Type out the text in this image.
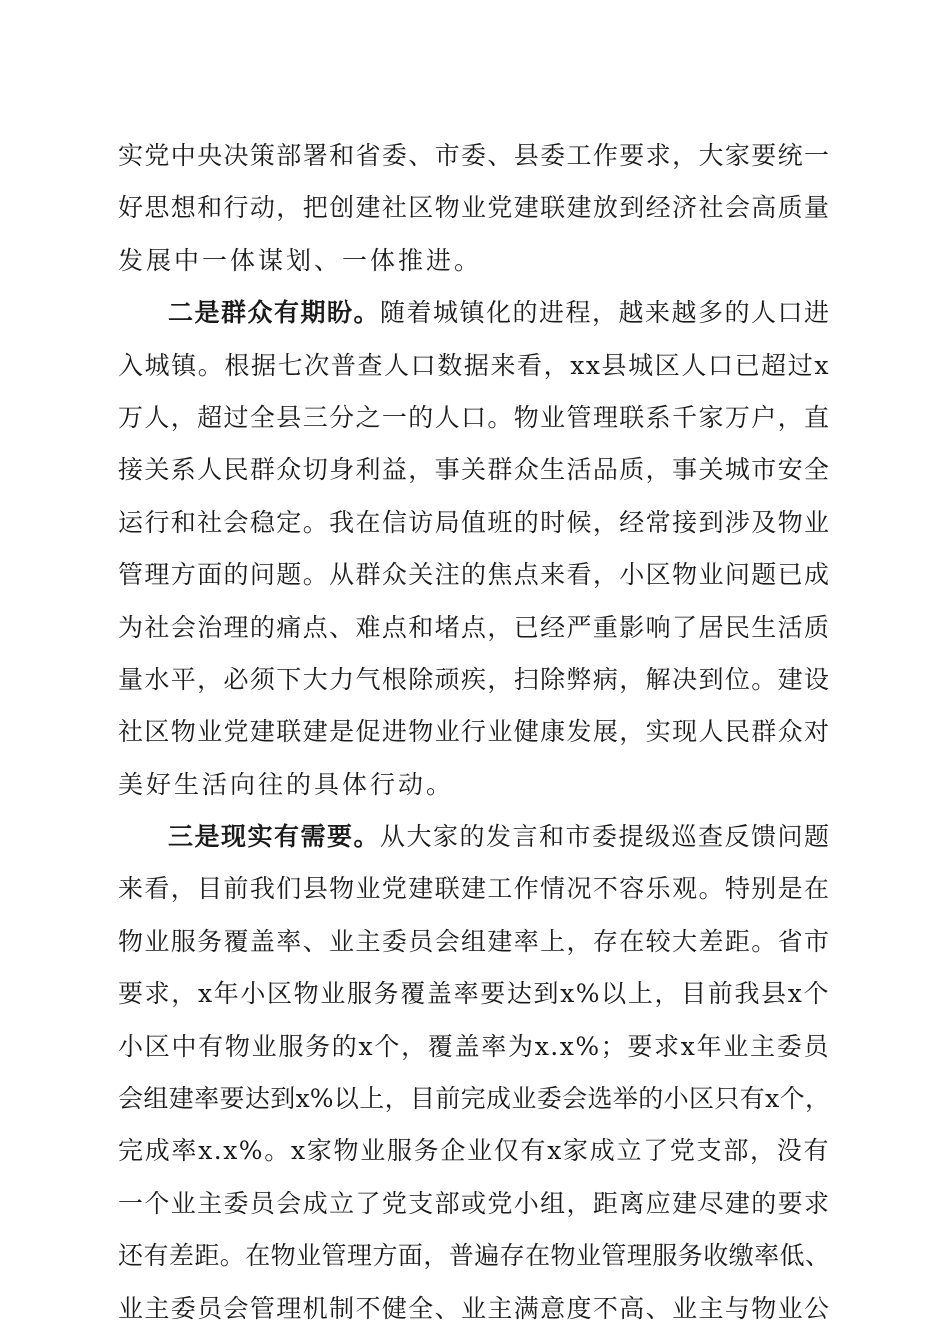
实党中央决策部署和省委、市委、县委工作要求，大家要统一
好思想和行动，把创建社区物业党建联建放到经济社会高质量
发展中一体谋划、一体推进。
二是群众有期盼。随着城镇化的进程，越来越多的人口进
入城镇。根据七次普查人口数据来看，xx县城区人口已超过x
万人，超过全县三分之一的人口。物业管理联系千家万户，直
接关系人民群众切身利益，事关群众生活品质，事关城市安全
运行和社会稳定。我在信访局值班的时候，经常接到涉及物业
管理方面的问题。从群众关注的焦点来看，小区物业问题已成
为社会治理的痛点、难点和堵点，已经严重影响了居民生活质
量水平，必须下大力气根除顽疾，扫除弊病，解决到位。建设
社区物业党建联建是促进物业行业健康发展，实现人民群众对
美好生活向往的具体行动。
三是现实有需要。从大家的发言和市委提级巡查反馈问题
来看，目前我们县物业党建联建工作情况不容乐观。特别是在
物业服务覆盖率、业主委员会组建率上，存在较大差距。省市
要求，x年小区物业服务覆盖率要达到x%以上，目前我县x个
小区中有物业服务的x个，覆盖率为x.x%；要求x年业主委员
会组建率要达到x%以上，目前完成业委会选举的小区只有x个，
完成率x.x%。x家物业服务企业仅有x家成立了党支部，没有
一个业主委员会成立了党支部或党小组，距离应建尽建的要求
还有差距。在物业管理方面，普遍存在物业管理服务收缴率低、
业主委员会管理机制不健全、业主满意度不高、业主与物业公
